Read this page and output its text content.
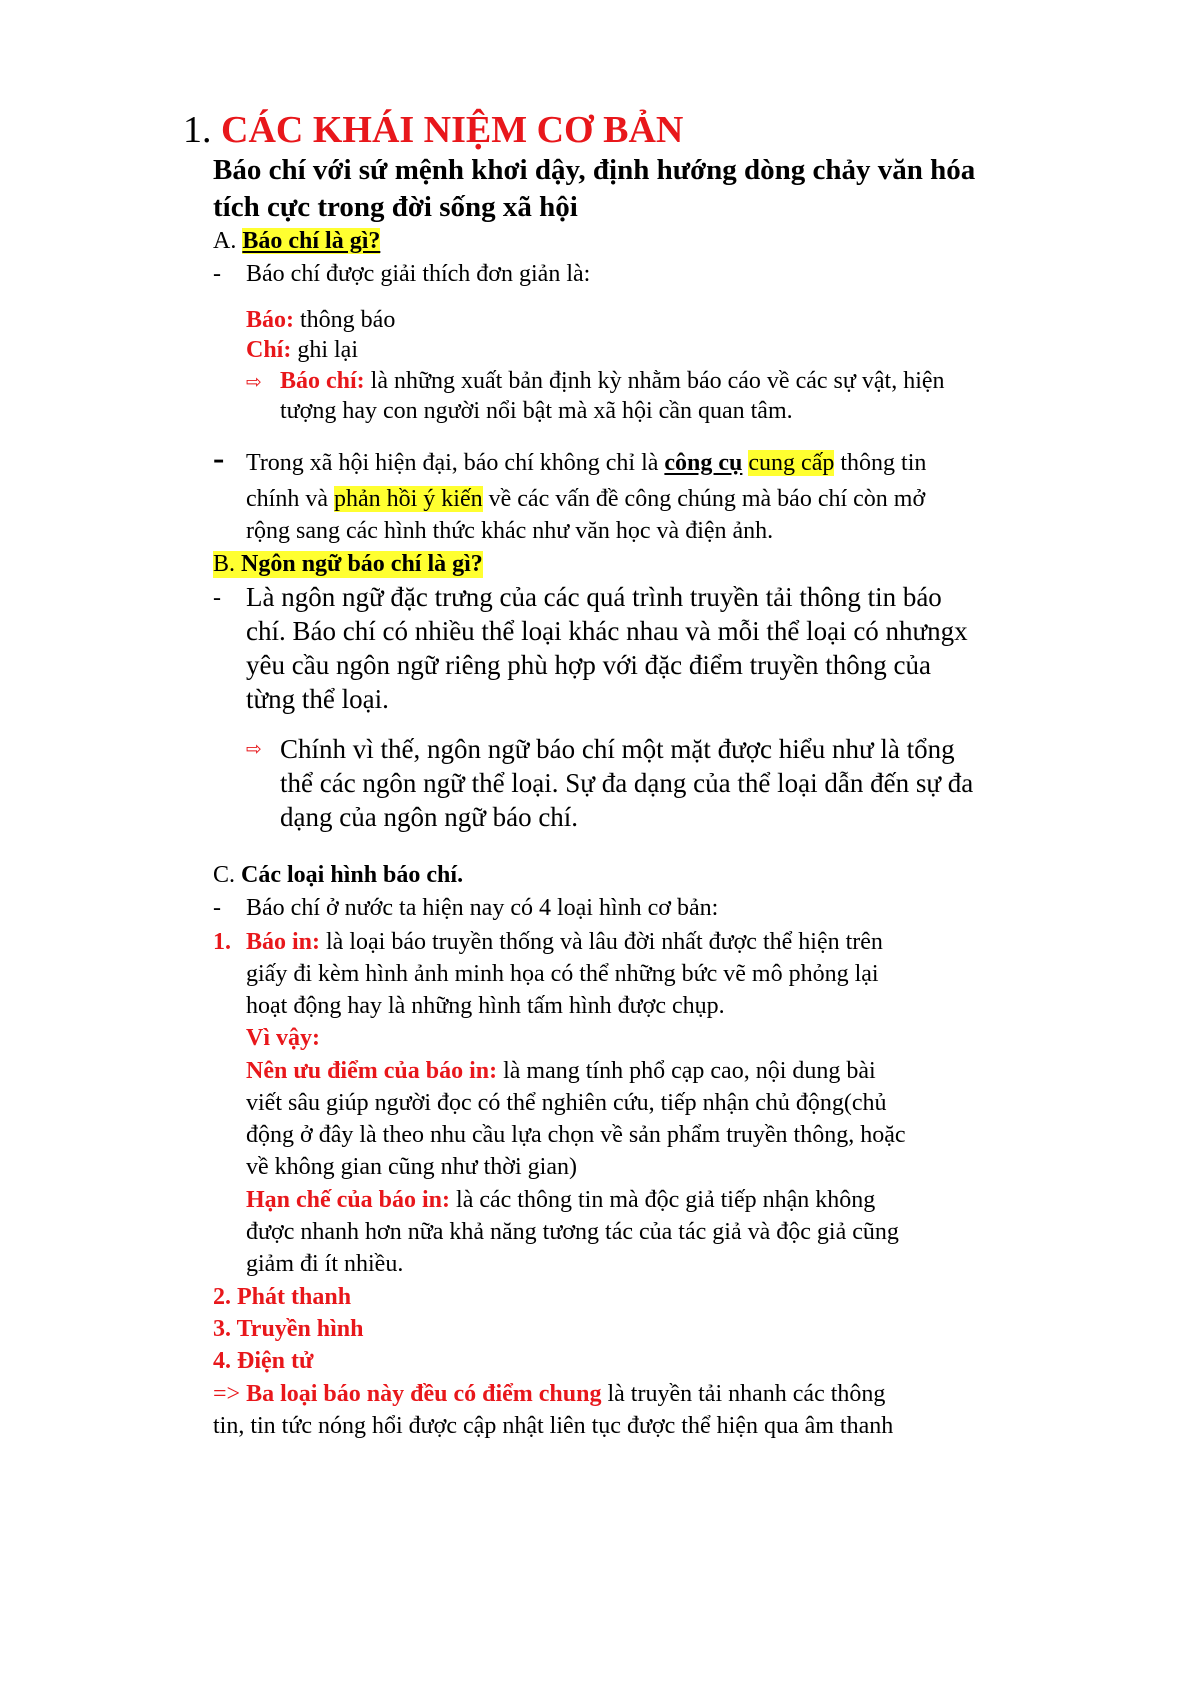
1. CÁC KHÁI NIỆM CƠ BẢN
Báo chí với sứ mệnh khơi dậy, định hướng dòng chảy văn hóa
tích cực trong đời sống xã hội
A. Báo chí là gì?
- Báo chí được giải thích đơn giản là:
Báo: thông báo
Chí: ghi lại
⇨ Báo chí: là những xuất bản định kỳ nhằm báo cáo về các sự vật, hiện
tượng hay con người nổi bật mà xã hội cần quan tâm.
- Trong xã hội hiện đại, báo chí không chỉ là công cụ cung cấp thông tin
chính và phản hồi ý kiến về các vấn đề công chúng mà báo chí còn mở
rộng sang các hình thức khác như văn học và điện ảnh.
B. Ngôn ngữ báo chí là gì?
- Là ngôn ngữ đặc trưng của các quá trình truyền tải thông tin báo
chí. Báo chí có nhiều thể loại khác nhau và mỗi thể loại có nhưngx
yêu cầu ngôn ngữ riêng phù hợp với đặc điểm truyền thông của
từng thể loại.
⇨ Chính vì thế, ngôn ngữ báo chí một mặt được hiểu như là tổng
thể các ngôn ngữ thể loại. Sự đa dạng của thể loại dẫn đến sự đa
dạng của ngôn ngữ báo chí.
C. Các loại hình báo chí.
- Báo chí ở nước ta hiện nay có 4 loại hình cơ bản:
1. Báo in: là loại báo truyền thống và lâu đời nhất được thể hiện trên
giấy đi kèm hình ảnh minh họa có thể những bức vẽ mô phỏng lại
hoạt động hay là những hình tấm hình được chụp.
Vì vậy:
Nên ưu điểm của báo in: là mang tính phổ cạp cao, nội dung bài
viết sâu giúp người đọc có thể nghiên cứu, tiếp nhận chủ động(chủ
động ở đây là theo nhu cầu lựa chọn về sản phẩm truyền thông, hoặc
về không gian cũng như thời gian)
Hạn chế của báo in: là các thông tin mà độc giả tiếp nhận không
được nhanh hơn nữa khả năng tương tác của tác giả và độc giả cũng
giảm đi ít nhiều.
2. Phát thanh
3. Truyền hình
4. Điện tử
=> Ba loại báo này đều có điểm chung là truyền tải nhanh các thông
tin, tin tức nóng hổi được cập nhật liên tục được thể hiện qua âm thanh
